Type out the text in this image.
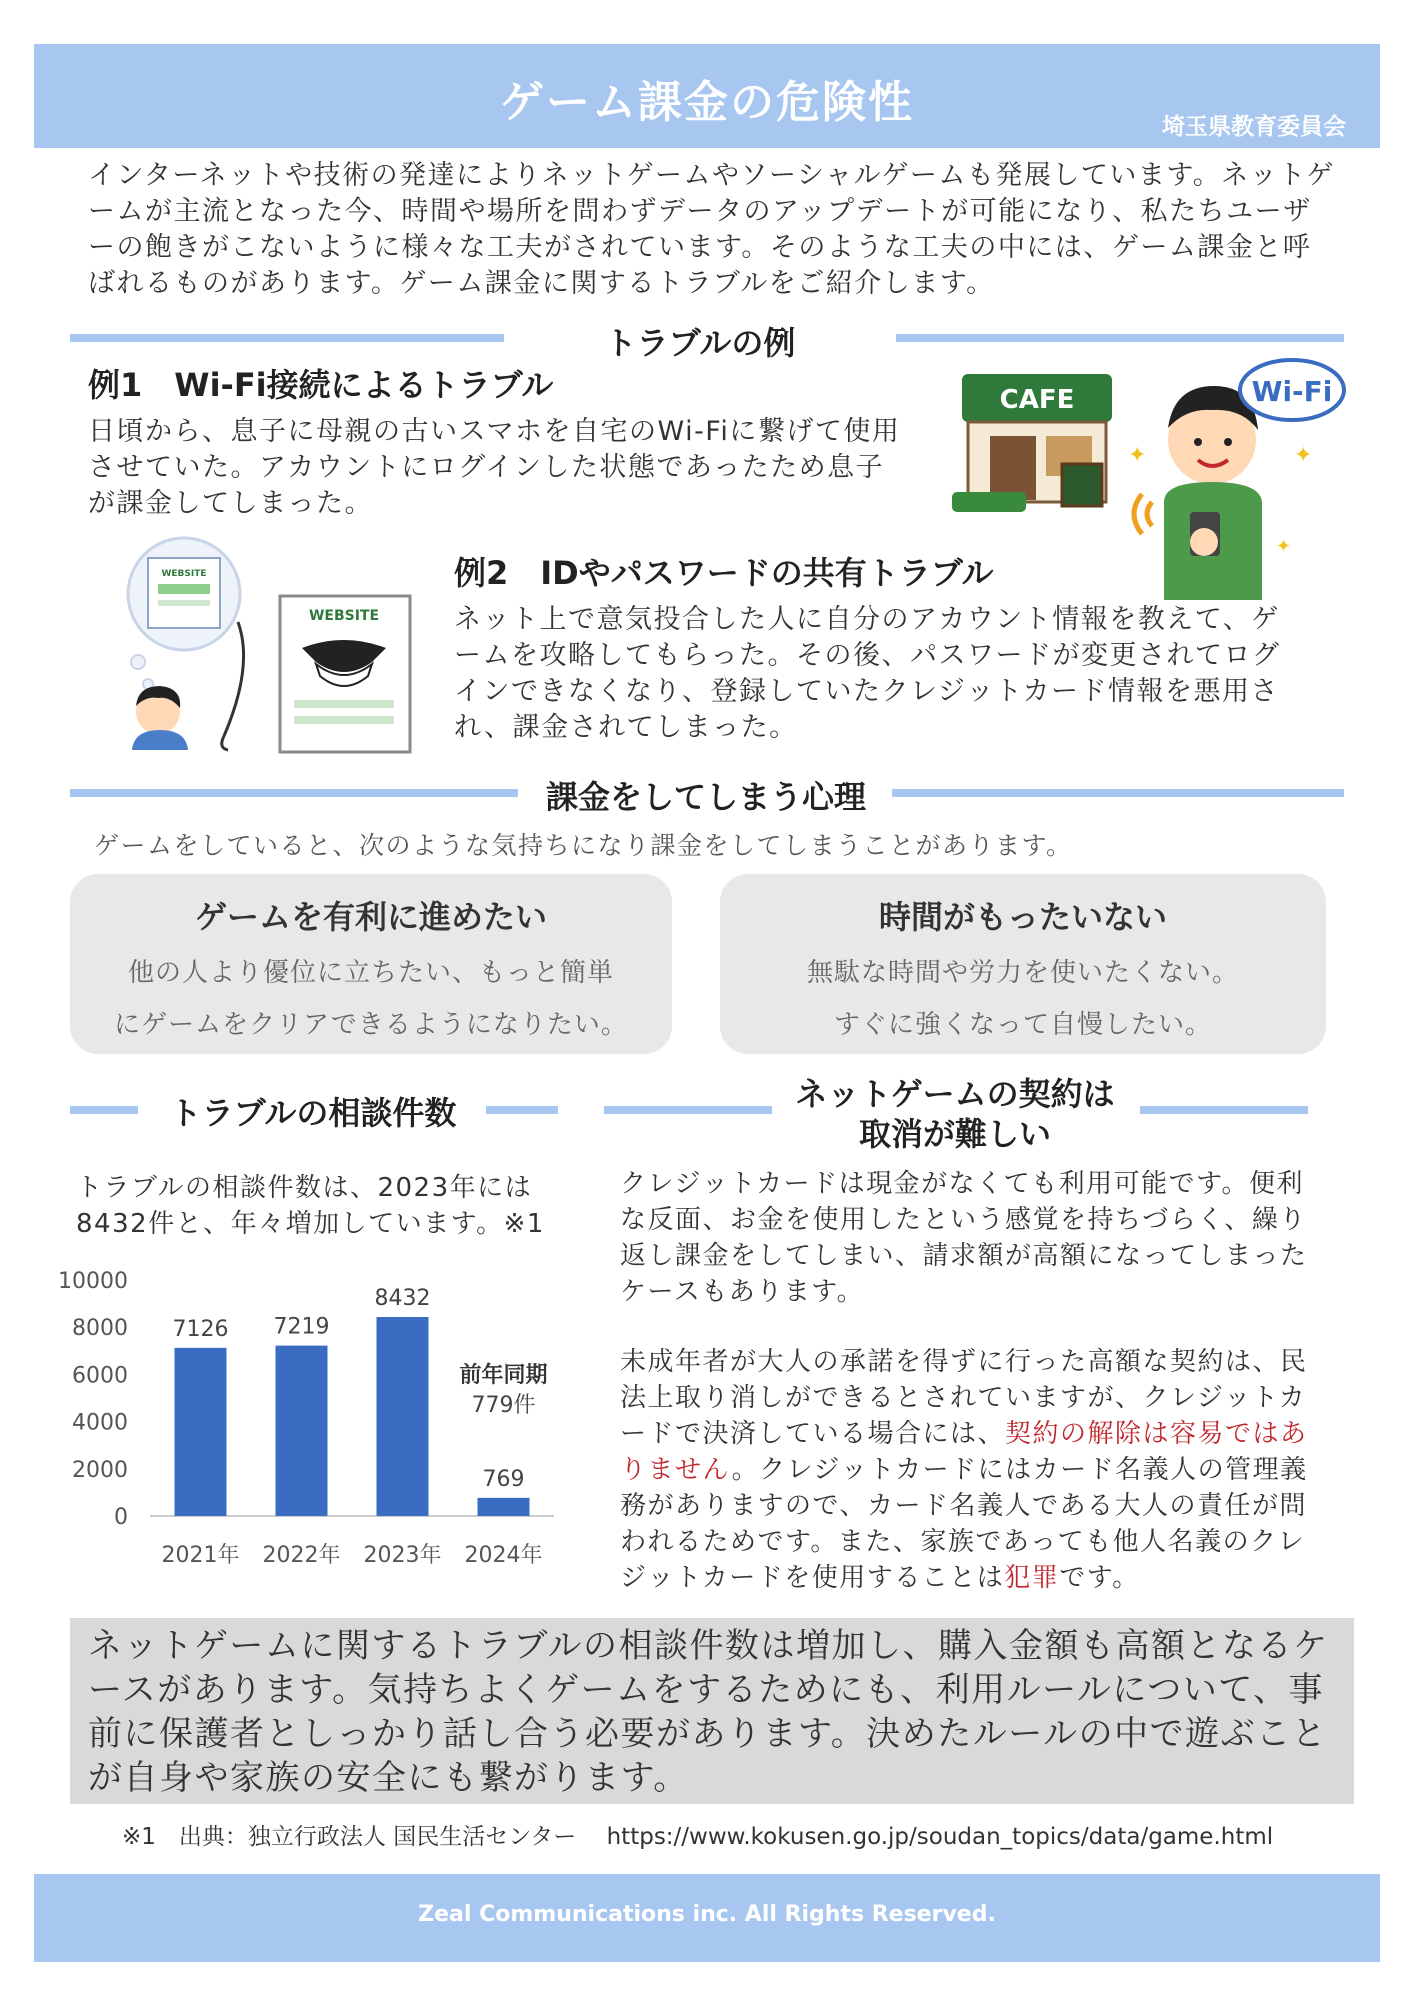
ゲーム課金の危険性	埼玉県教育委員会
インターネットや技術の発達によりネットゲームやソーシャルゲームも発展しています。ネットゲームが主流となった今、時間や場所を問わずデータのアップデートが可能になり、私たちユーザーの飽きがこないように様々な工夫がされています。そのような工夫の中には、ゲーム課金と呼ばれるものがあります。ゲーム課金に関するトラブルをご紹介します。
トラブルの例
例1　Wi-Fi接続によるトラブル
日頃から、息子に母親の古いスマホを自宅のWi-Fiに繋げて使用させていた。アカウントにログインした状態であったため息子が課金してしまった。
CAFE	Wi-Fi
✦	✦
✦
WEBSITE
WEBSITE
例2　IDやパスワードの共有トラブル
ネット上で意気投合した人に自分のアカウント情報を教えて、ゲームを攻略してもらった。その後、パスワードが変更されてログインできなくなり、登録していたクレジットカード情報を悪用され、課金されてしまった。
課金をしてしまう心理
ゲームをしていると、次のような気持ちになり課金をしてしまうことがあります。
ゲームを有利に進めたい
他の人より優位に立ちたい、もっと簡単
にゲームをクリアできるようになりたい。
時間がもったいない
無駄な時間や労力を使いたくない。
すぐに強くなって自慢したい。
トラブルの相談件数
トラブルの相談件数は、2023年には8432件と、年々増加しています。※1
0
2000
4000
6000
8000
10000
7126
2021年
7219
2022年
8432
2023年
769
2024年
前年同期
779件
ネットゲームの契約は
取消が難しい
クレジットカードは現金がなくても利用可能です。便利な反面、お金を使用したという感覚を持ちづらく、繰り返し課金をしてしまい、請求額が高額になってしまったケースもあります。
未成年者が大人の承諾を得ずに行った高額な契約は、民法上取り消しができるとされていますが、クレジットカードで決済している場合には、契約の解除は容易ではありません。クレジットカードにはカード名義人の管理義務がありますので、カード名義人である大人の責任が問われるためです。また、家族であっても他人名義のクレジットカードを使用することは犯罪です。
ネットゲームに関するトラブルの相談件数は増加し、購入金額も高額となるケースがあります。気持ちよくゲームをするためにも、利用ルールについて、事前に保護者としっかり話し合う必要があります。決めたルールの中で遊ぶことが自身や家族の安全にも繋がります。
※1　出典：独立行政法人 国民生活センター　 https://www.kokusen.go.jp/soudan_topics/data/game.html
Zeal Communications inc. All Rights Reserved.
